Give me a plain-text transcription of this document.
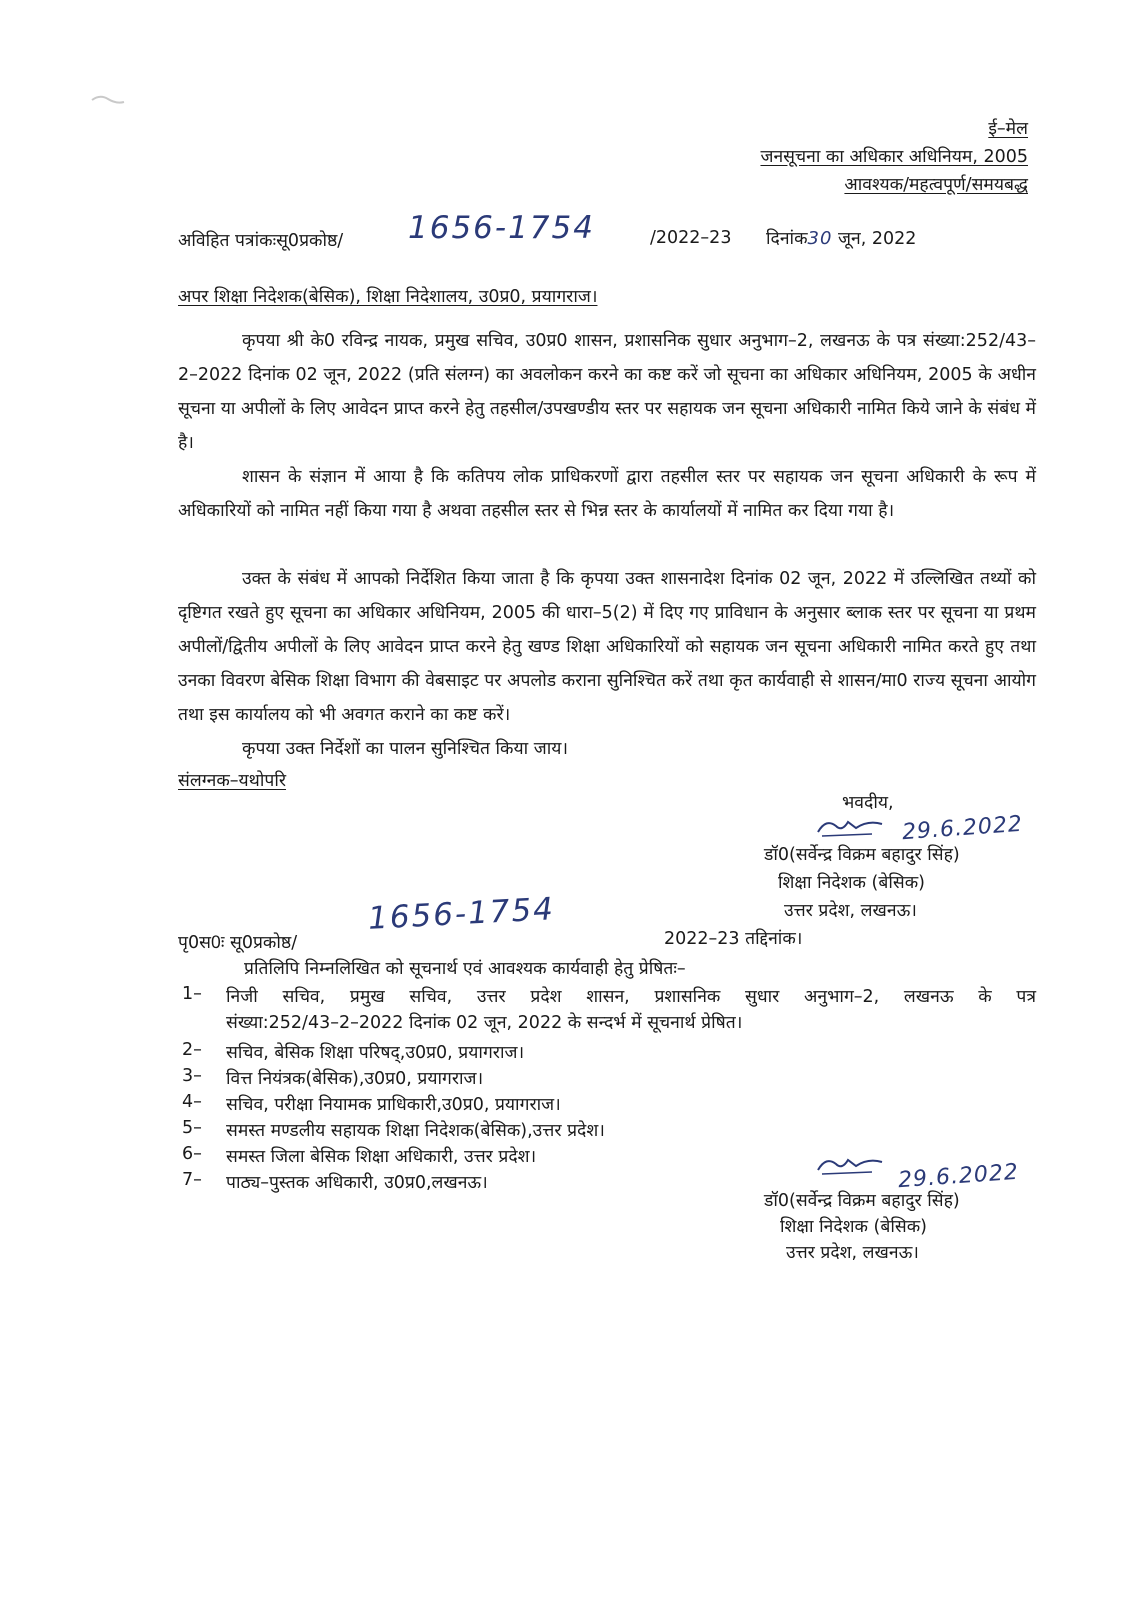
ई–मेल
जनसूचना का अधिकार अधिनियम, 2005
आवश्यक/महत्वपूर्ण/समयबद्ध
अविहित पत्रांकःसू0प्रकोष्ठ/ 1656-1754	/2022–23 दिनांक30 जून, 2022
अपर शिक्षा निदेशक(बेसिक), शिक्षा निदेशालय, उ0प्र0, प्रयागराज।

कृपया श्री के0 रविन्द्र नायक, प्रमुख सचिव, उ0प्र0 शासन, प्रशासनिक सुधार अनुभाग–2, लखनऊ के पत्र संख्या:252/43–2–2022 दिनांक 02 जून, 2022 (प्रति संलग्न) का अवलोकन करने का कष्ट करें जो सूचना का अधिकार अधिनियम, 2005 के अधीन सूचना या अपीलों के लिए आवेदन प्राप्त करने हेतु तहसील/उपखण्डीय स्तर पर सहायक जन सूचना अधिकारी नामित किये जाने के संबंध में है।

शासन के संज्ञान में आया है कि कतिपय लोक प्राधिकरणों द्वारा तहसील स्तर पर सहायक जन सूचना अधिकारी के रूप में अधिकारियों को नामित नहीं किया गया है अथवा तहसील स्तर से भिन्न स्तर के कार्यालयों में नामित कर दिया गया है।

उक्त के संबंध में आपको निर्देशित किया जाता है कि कृपया उक्त शासनादेश दिनांक 02 जून, 2022 में उल्लिखित तथ्यों को दृष्टिगत रखते हुए सूचना का अधिकार अधिनियम, 2005 की धारा–5(2) में दिए गए प्राविधान के अनुसार ब्लाक स्तर पर सूचना या प्रथम अपीलों/द्वितीय अपीलों के लिए आवेदन प्राप्त करने हेतु खण्ड शिक्षा अधिकारियों को सहायक जन सूचना अधिकारी नामित करते हुए तथा उनका विवरण बेसिक शिक्षा विभाग की वेबसाइट पर अपलोड कराना सुनिश्चित करें तथा कृत कार्यवाही से शासन/मा0 राज्य सूचना आयोग तथा इस कार्यालय को भी अवगत कराने का कष्ट करें।

कृपया उक्त निर्देशों का पालन सुनिश्चित किया जाय।

संलग्नक–यथोपरि
भवदीय,
29.6.2022
डॉ0(सर्वेन्द्र विक्रम बहादुर सिंह)
शिक्षा निदेशक (बेसिक)
उत्तर प्रदेश, लखनऊ।
पृ0स0ः सू0प्रकोष्ठ/
1656-1754
2022–23 तद्दिनांक।
प्रतिलिपि निम्नलिखित को सूचनार्थ एवं आवश्यक कार्यवाही हेतु प्रेषितः–
1– निजी सचिव, प्रमुख सचिव, उत्तर प्रदेश शासन, प्रशासनिक सुधार अनुभाग–2, लखनऊ के पत्र
संख्या:252/43–2–2022 दिनांक 02 जून, 2022 के सन्दर्भ में सूचनार्थ प्रेषित।
2– सचिव, बेसिक शिक्षा परिषद्,उ0प्र0, प्रयागराज।
3– वित्त नियंत्रक(बेसिक),उ0प्र0, प्रयागराज।
4– सचिव, परीक्षा नियामक प्राधिकारी,उ0प्र0, प्रयागराज।
5– समस्त मण्डलीय सहायक शिक्षा निदेशक(बेसिक),उत्तर प्रदेश।
6– समस्त जिला बेसिक शिक्षा अधिकारी, उत्तर प्रदेश।
7– पाठ्य–पुस्तक अधिकारी, उ0प्र0,लखनऊ।	29.6.2022
डॉ0(सर्वेन्द्र विक्रम बहादुर सिंह)
शिक्षा निदेशक (बेसिक)
उत्तर प्रदेश, लखनऊ।
